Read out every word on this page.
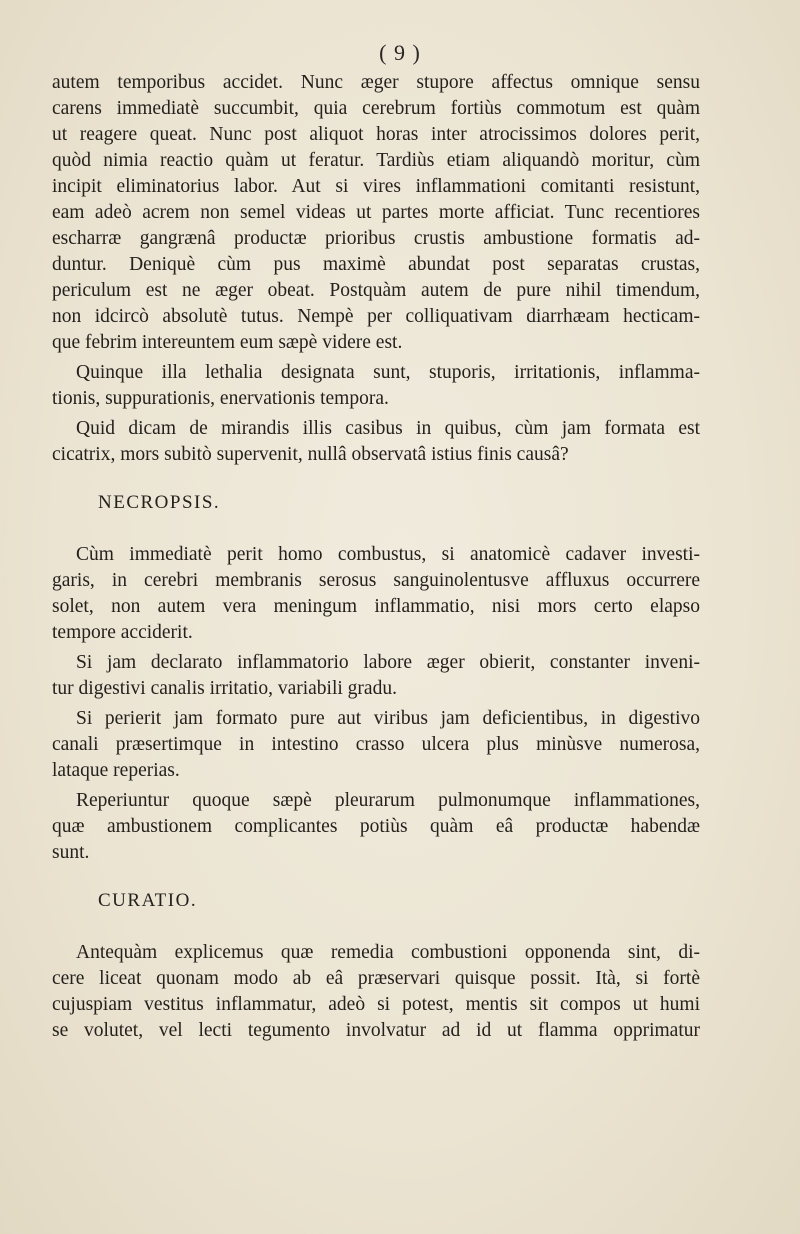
( 9 )
autem temporibus accidet. Nunc æger stupore affectus omnique sensu
carens immediatè succumbit, quia cerebrum fortiùs commotum est quàm
ut reagere queat. Nunc post aliquot horas inter atrocissimos dolores perit,
quòd nimia reactio quàm ut feratur. Tardiùs etiam aliquandò moritur, cùm
incipit eliminatorius labor. Aut si vires inflammationi comitanti resistunt,
eam adeò acrem non semel videas ut partes morte afficiat. Tunc recentiores
escharræ gangrænâ productæ prioribus crustis ambustione formatis ad-
duntur. Deniquè cùm pus maximè abundat post separatas crustas,
periculum est ne æger obeat. Postquàm autem de pure nihil timendum,
non idcircò absolutè tutus. Nempè per colliquativam diarrhæam hecticam-
que febrim intereuntem eum sæpè videre est.
Quinque illa lethalia designata sunt, stuporis, irritationis, inflamma-
tionis, suppurationis, enervationis tempora.
Quid dicam de mirandis illis casibus in quibus, cùm jam formata est
cicatrix, mors subitò supervenit, nullâ observatâ istius finis causâ?
NECROPSIS.
Cùm immediatè perit homo combustus, si anatomicè cadaver investi-
garis, in cerebri membranis serosus sanguinolentusve affluxus occurrere
solet, non autem vera meningum inflammatio, nisi mors certo elapso
tempore acciderit.
Si jam declarato inflammatorio labore æger obierit, constanter inveni-
tur digestivi canalis irritatio, variabili gradu.
Si perierit jam formato pure aut viribus jam deficientibus, in digestivo
canali præsertimque in intestino crasso ulcera plus minùsve numerosa,
lataque reperias.
Reperiuntur quoque sæpè pleurarum pulmonumque inflammationes,
quæ ambustionem complicantes potiùs quàm eâ productæ habendæ
sunt.
CURATIO.
Antequàm explicemus quæ remedia combustioni opponenda sint, di-
cere liceat quonam modo ab eâ præservari quisque possit. Ità, si fortè
cujuspiam vestitus inflammatur, adeò si potest, mentis sit compos ut humi
se volutet, vel lecti tegumento involvatur ad id ut flamma opprimatur
